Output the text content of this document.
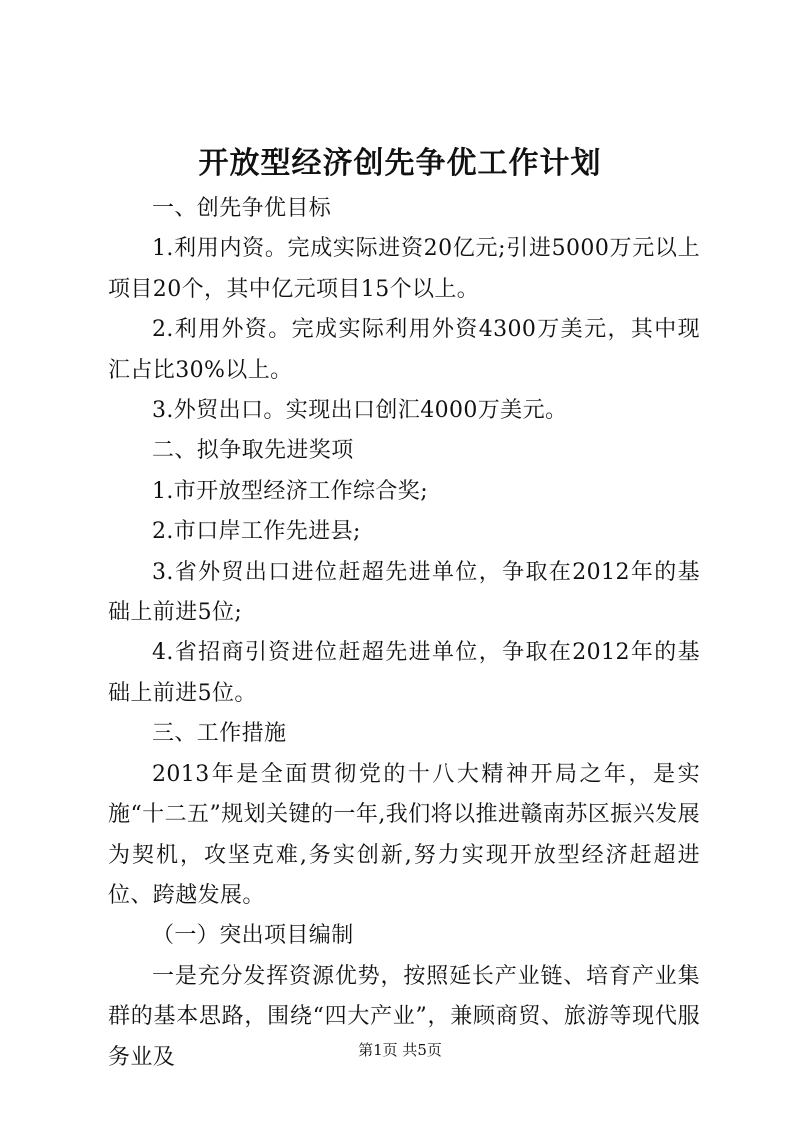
开放型经济创先争优工作计划

一、创先争优目标

1.利用内资。完成实际进资20亿元;引进5000万元以上项目20个，其中亿元项目15个以上。

2.利用外资。完成实际利用外资4300万美元，其中现汇占比30%以上。

3.外贸出口。实现出口创汇4000万美元。

二、拟争取先进奖项

1.市开放型经济工作综合奖;

2.市口岸工作先进县;

3.省外贸出口进位赶超先进单位，争取在2012年的基础上前进5位;

4.省招商引资进位赶超先进单位，争取在2012年的基础上前进5位。

三、工作措施

2013年是全面贯彻党的十八大精神开局之年，是实施“十二五”规划关键的一年,我们将以推进赣南苏区振兴发展为契机，攻坚克难,务实创新,努力实现开放型经济赶超进位、跨越发展。

（一）突出项目编制

一是充分发挥资源优势，按照延长产业链、培育产业集群的基本思路，围绕“四大产业”，兼顾商贸、旅游等现代服务业及	第1页 共5页
